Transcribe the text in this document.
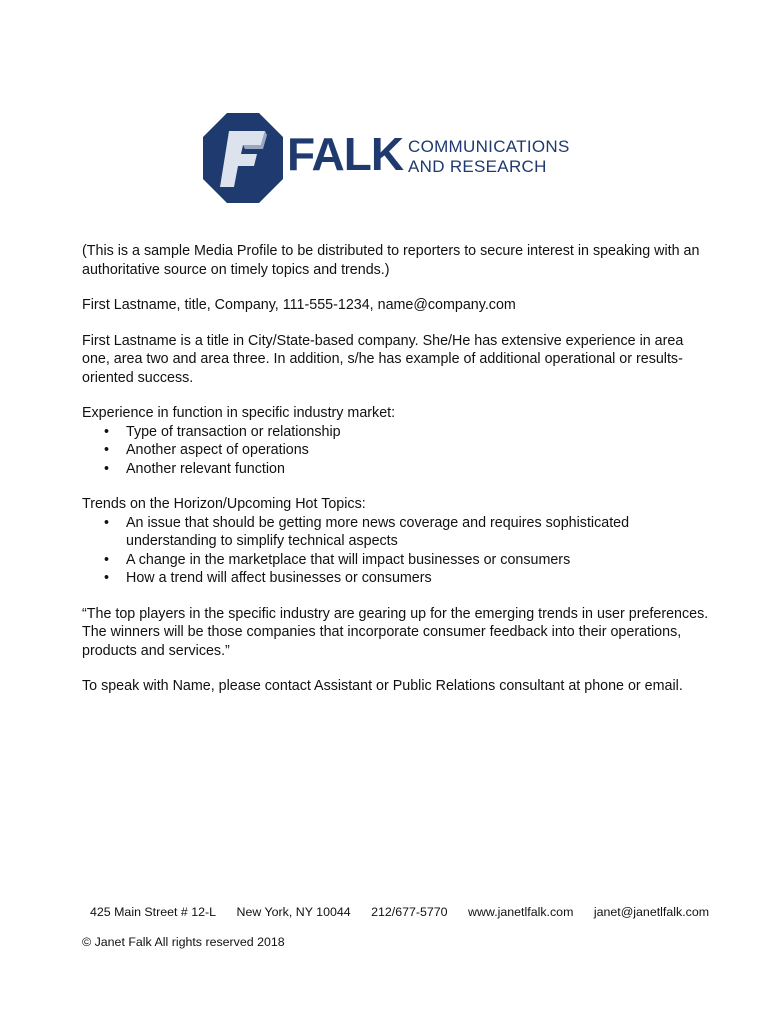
FALK COMMUNICATIONS
AND RESEARCH

(This is a sample Media Profile to be distributed to reporters to secure interest in speaking with an authoritative source on timely topics and trends.)

First Lastname, title, Company, 111-555-1234, name@company.com

First Lastname is a title in City/State-based company. She/He has extensive experience in area one, area two and area three. In addition, s/he has example of additional operational or results-oriented success.

Experience in function in specific industry market:
• Type of transaction or relationship
• Another aspect of operations
• Another relevant function
Trends on the Horizon/Upcoming Hot Topics:
• An issue that should be getting more news coverage and requires sophisticated understanding to simplify technical aspects
• A change in the marketplace that will impact businesses or consumers
• How a trend will affect businesses or consumers

“The top players in the specific industry are gearing up for the emerging trends in user preferences. The winners will be those companies that incorporate consumer feedback into their operations, products and services.”

To speak with Name, please contact Assistant or Public Relations consultant at phone or email.

425 Main Street # 12-L New York, NY 10044 212/677-5770 www.janetlfalk.com janet@janetlfalk.com
© Janet Falk All rights reserved 2018
